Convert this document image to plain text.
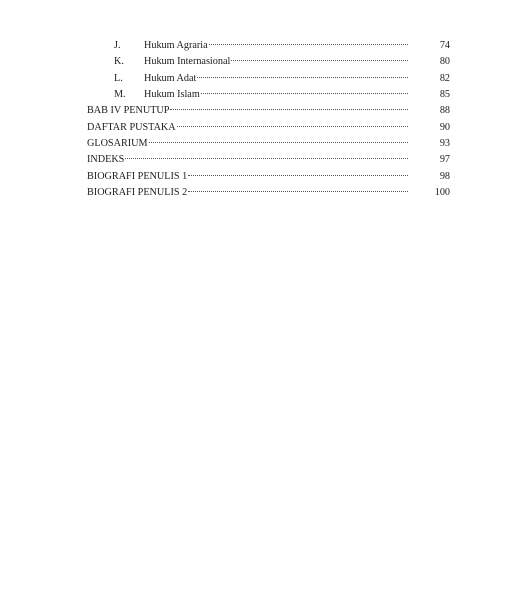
J. Hukum Agraria	74
K. Hukum Internasional	80
L. Hukum Adat	82
M. Hukum Islam	85
BAB IV PENUTUP	88
DAFTAR PUSTAKA	90
GLOSARIUM	93
INDEKS	97
BIOGRAFI PENULIS 1	98
BIOGRAFI PENULIS 2	100
